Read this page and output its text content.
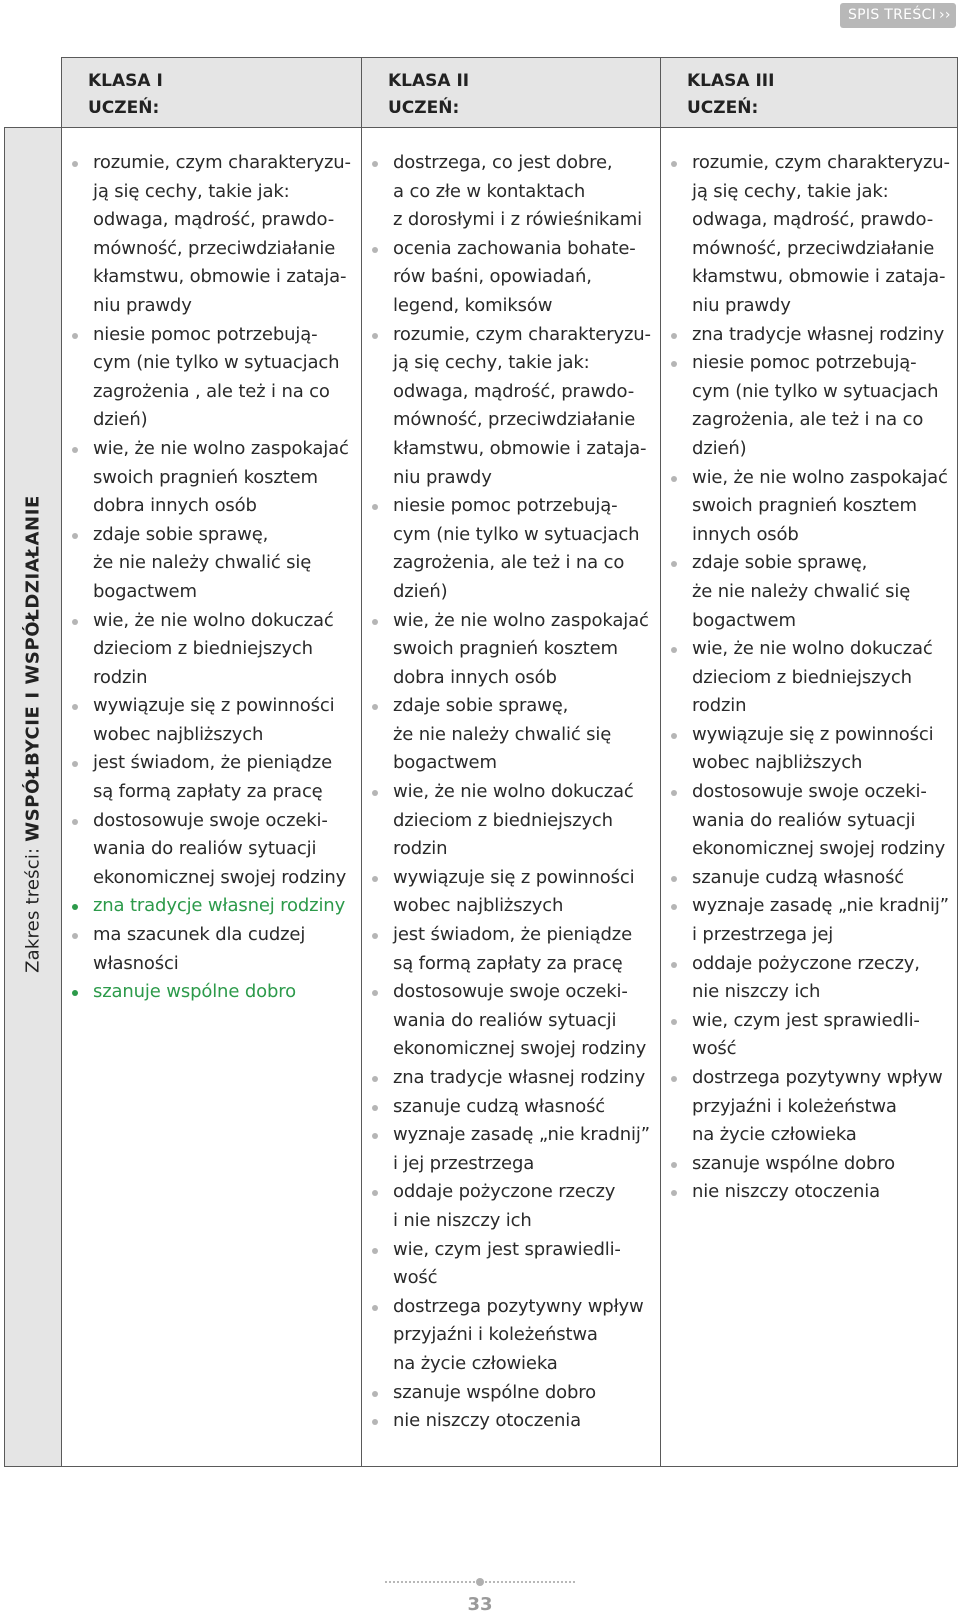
SPIS TREŚCI ››
KLASA I
UCZEŃ:
KLASA II
UCZEŃ:
KLASA III
UCZEŃ:
Zakres treści: WSPÓŁBYCIE I WSPÓŁDZIAŁANIE
rozumie, czym charakteryzu-
ją się cechy, takie jak:
odwaga, mądrość, prawdo-
mówność, przeciwdziałanie
kłamstwu, obmowie i zataja-
niu prawdy
niesie pomoc potrzebują-
cym (nie tylko w sytuacjach
zagrożenia , ale też i na co
dzień)
wie, że nie wolno zaspokajać
swoich pragnień kosztem
dobra innych osób
zdaje sobie sprawę,
że nie należy chwalić się
bogactwem
wie, że nie wolno dokuczać
dzieciom z biedniejszych
rodzin
wywiązuje się z powinności
wobec najbliższych
jest świadom, że pieniądze
są formą zapłaty za pracę
dostosowuje swoje oczeki-
wania do realiów sytuacji
ekonomicznej swojej rodziny
zna tradycje własnej rodziny
ma szacunek dla cudzej
własności
szanuje wspólne dobro
dostrzega, co jest dobre,
a co złe w kontaktach
z dorosłymi i z rówieśnikami
ocenia zachowania bohate-
rów baśni, opowiadań,
legend, komiksów
rozumie, czym charakteryzu-
ją się cechy, takie jak:
odwaga, mądrość, prawdo-
mówność, przeciwdziałanie
kłamstwu, obmowie i zataja-
niu prawdy
niesie pomoc potrzebują-
cym (nie tylko w sytuacjach
zagrożenia, ale też i na co
dzień)
wie, że nie wolno zaspokajać
swoich pragnień kosztem
dobra innych osób
zdaje sobie sprawę,
że nie należy chwalić się
bogactwem
wie, że nie wolno dokuczać
dzieciom z biedniejszych
rodzin
wywiązuje się z powinności
wobec najbliższych
jest świadom, że pieniądze
są formą zapłaty za pracę
dostosowuje swoje oczeki-
wania do realiów sytuacji
ekonomicznej swojej rodziny
zna tradycje własnej rodziny
szanuje cudzą własność
wyznaje zasadę „nie kradnij”
i jej przestrzega
oddaje pożyczone rzeczy
i nie niszczy ich
wie, czym jest sprawiedli-
wość
dostrzega pozytywny wpływ
przyjaźni i koleżeństwa
na życie człowieka
szanuje wspólne dobro
nie niszczy otoczenia
rozumie, czym charakteryzu-
ją się cechy, takie jak:
odwaga, mądrość, prawdo-
mówność, przeciwdziałanie
kłamstwu, obmowie i zataja-
niu prawdy
zna tradycje własnej rodziny
niesie pomoc potrzebują-
cym (nie tylko w sytuacjach
zagrożenia, ale też i na co
dzień)
wie, że nie wolno zaspokajać
swoich pragnień kosztem
innych osób
zdaje sobie sprawę,
że nie należy chwalić się
bogactwem
wie, że nie wolno dokuczać
dzieciom z biedniejszych
rodzin
wywiązuje się z powinności
wobec najbliższych
dostosowuje swoje oczeki-
wania do realiów sytuacji
ekonomicznej swojej rodziny
szanuje cudzą własność
wyznaje zasadę „nie kradnij”
i przestrzega jej
oddaje pożyczone rzeczy,
nie niszczy ich
wie, czym jest sprawiedli-
wość
dostrzega pozytywny wpływ
przyjaźni i koleżeństwa
na życie człowieka
szanuje wspólne dobro
nie niszczy otoczenia
33
